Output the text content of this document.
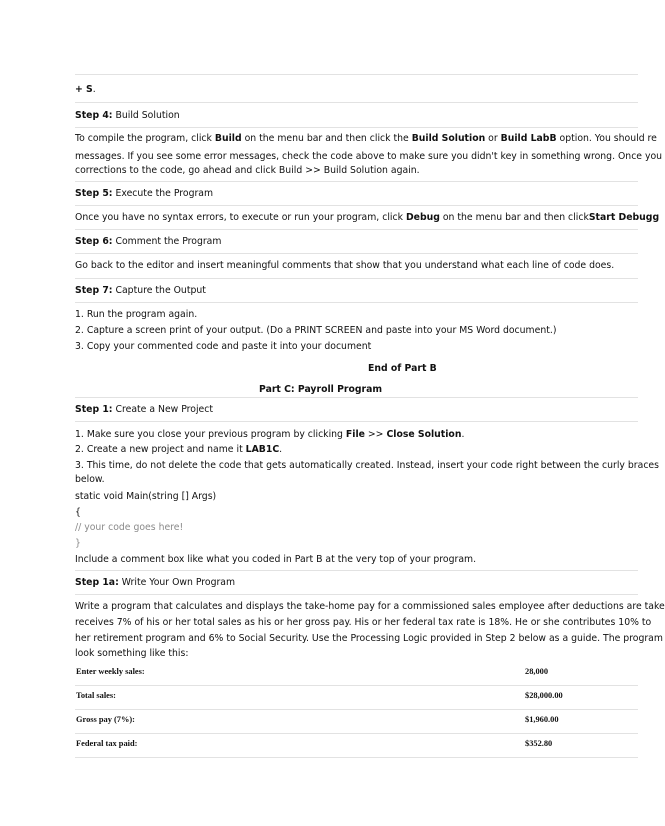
+ S.
Step 4: Build Solution
To compile the program, click Build on the menu bar and then click the Build Solution or Build LabB option. You should re
messages. If you see some error messages, check the code above to make sure you didn't key in something wrong. Once you
corrections to the code, go ahead and click Build >> Build Solution again.
Step 5: Execute the Program
Once you have no syntax errors, to execute or run your program, click Debug on the menu bar and then clickStart Debugg
Step 6: Comment the Program
Go back to the editor and insert meaningful comments that show that you understand what each line of code does.
Step 7: Capture the Output
1. Run the program again.
2. Capture a screen print of your output. (Do a PRINT SCREEN and paste into your MS Word document.)
3. Copy your commented code and paste it into your document
End of Part B
Part C: Payroll Program
Step 1: Create a New Project
1. Make sure you close your previous program by clicking File >> Close Solution.
2. Create a new project and name it LAB1C.
3. This time, do not delete the code that gets automatically created. Instead, insert your code right between the curly braces
below.
static void Main(string [] Args)
{
// your code goes here!
}
Include a comment box like what you coded in Part B at the very top of your program.
Step 1a: Write Your Own Program
Write a program that calculates and displays the take-home pay for a commissioned sales employee after deductions are take
receives 7% of his or her total sales as his or her gross pay. His or her federal tax rate is 18%. He or she contributes 10% to
her retirement program and 6% to Social Security. Use the Processing Logic provided in Step 2 below as a guide. The program
look something like this:
Enter weekly sales:	28,000
Total sales:	$28,000.00
Gross pay (7%):	$1,960.00
Federal tax paid:	$352.80
